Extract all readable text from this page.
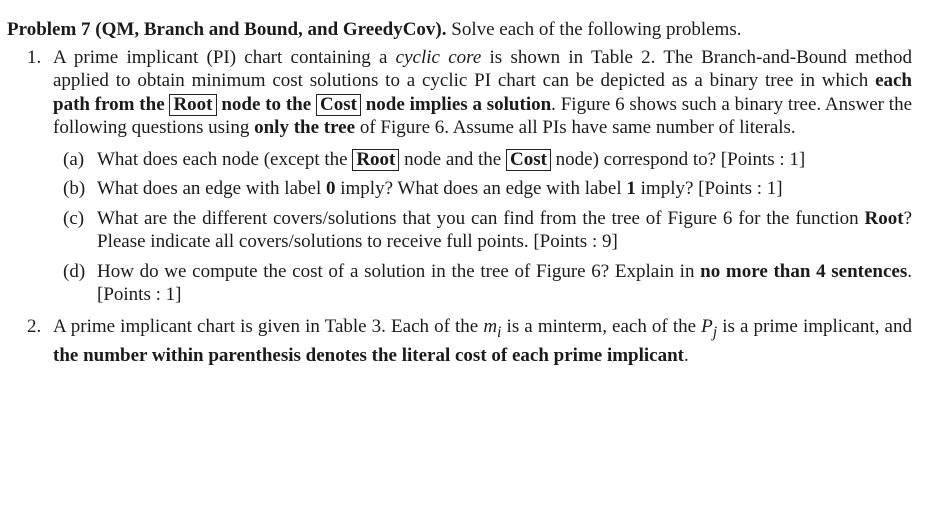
Problem 7 (QM, Branch and Bound, and GreedyCov). Solve each of the following problems.

1. A prime implicant (PI) chart containing a cyclic core is shown in Table 2. The Branch-and-Bound method applied to obtain minimum cost solutions to a cyclic PI chart can be depicted as a binary tree in which each path from the Root node to the Cost node implies a solution. Figure 6 shows such a binary tree. Answer the following questions using only the tree of Figure 6. Assume all PIs have same number of literals.
(a) What does each node (except the Root node and the Cost node) correspond to? [Points : 1]
(b) What does an edge with label 0 imply? What does an edge with label 1 imply? [Points : 1]
(c) What are the different covers/solutions that you can find from the tree of Figure 6 for the function Root? Please indicate all covers/solutions to receive full points. [Points : 9]
(d) How do we compute the cost of a solution in the tree of Figure 6? Explain in no more than 4 sentences. [Points : 1]
2. A prime implicant chart is given in Table 3. Each of the $m_i$ is a minterm, each of the $P_j$ is a prime implicant, and the number within parenthesis denotes the literal cost of each prime implicant.
